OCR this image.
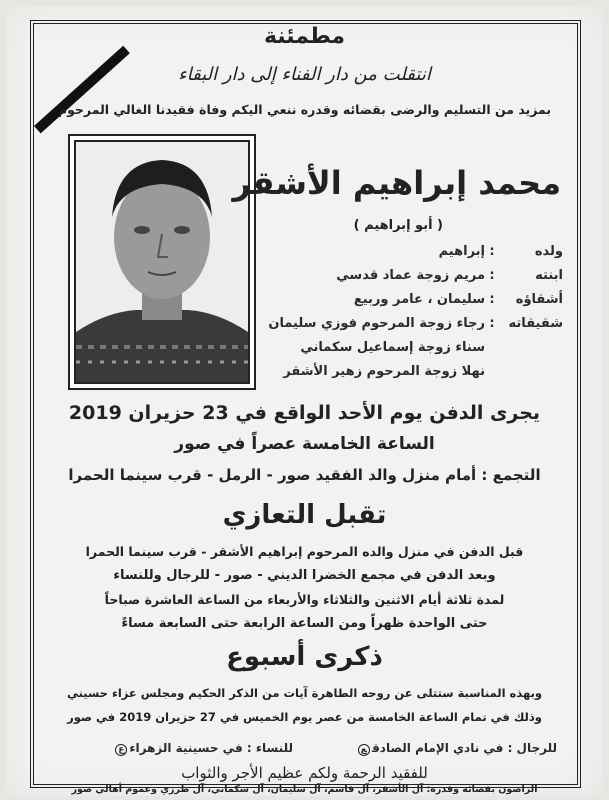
مطمئنة
انتقلت من دار الفناء إلى دار البقاء
بمزيد من التسليم والرضى بقضائه وقدره ننعي اليكم وفاة فقيدنا الغالي المرحوم
محمد إبراهيم الأشقر
( أبو إبراهيم )
ولده:إبراهيم
ابنته:مريم زوجة عماد قدسي
أشقاؤه:سليمان ، عامر وربيع
شقيقاته:رجاء زوجة المرحوم فوزي سليمان
سناء زوجة إسماعيل سكماني
نهلا زوجة المرحوم زهير الأشقر
يجرى الدفن يوم الأحد الواقع في 23 حزيران 2019
الساعة الخامسة عصراً في صور
التجمع : أمام منزل والد الفقيد صور - الرمل - قرب سينما الحمرا
تقبل التعازي
قبل الدفن في منزل والده المرحوم إبراهيم الأشقر - قرب سينما الحمرا
وبعد الدفن في مجمع الخضرا الديني - صور - للرجال وللنساء
لمدة ثلاثة أيام الاثنين والثلاثاء والأربعاء من الساعة العاشرة صباحاً
حتى الواحدة ظهراً ومن الساعة الرابعة حتى السابعة مساءً
ذكرى أسبوع
وبهذه المناسبة ستتلى عن روحه الطاهرة آيات من الذكر الحكيم ومجلس عزاء حسيني
وذلك في تمام الساعة الخامسة من عصر يوم الخميس في 27 حزيران 2019 في صور
للرجال : في نادي الإمام الصادقع
للنساء : في حسينية الزهراءع
للفقيد الرحمة ولكم عظيم الأجر والثواب
الراضون بقضائه وقدره: آل الأشقر، آل قاسم، آل سليمان، آل سكماني، آل طرزي وعموم أهالي صور
